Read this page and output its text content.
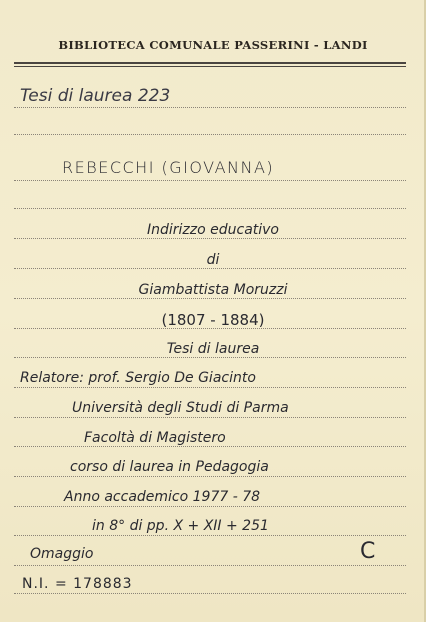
BIBLIOTECA COMUNALE PASSERINI - LANDI
Tesi di laurea 223
REBECCHI (GIOVANNA)
Indirizzo educativo
di
Giambattista Moruzzi
(1807 - 1884)
Tesi di laurea
Relatore: prof. Sergio De Giacinto
Università degli Studi di Parma
Facoltà di Magistero
corso di laurea in Pedagogia
Anno accademico 1977 - 78
in 8° di pp. X + XII + 251
Omaggio	C
N.I. = 178883
